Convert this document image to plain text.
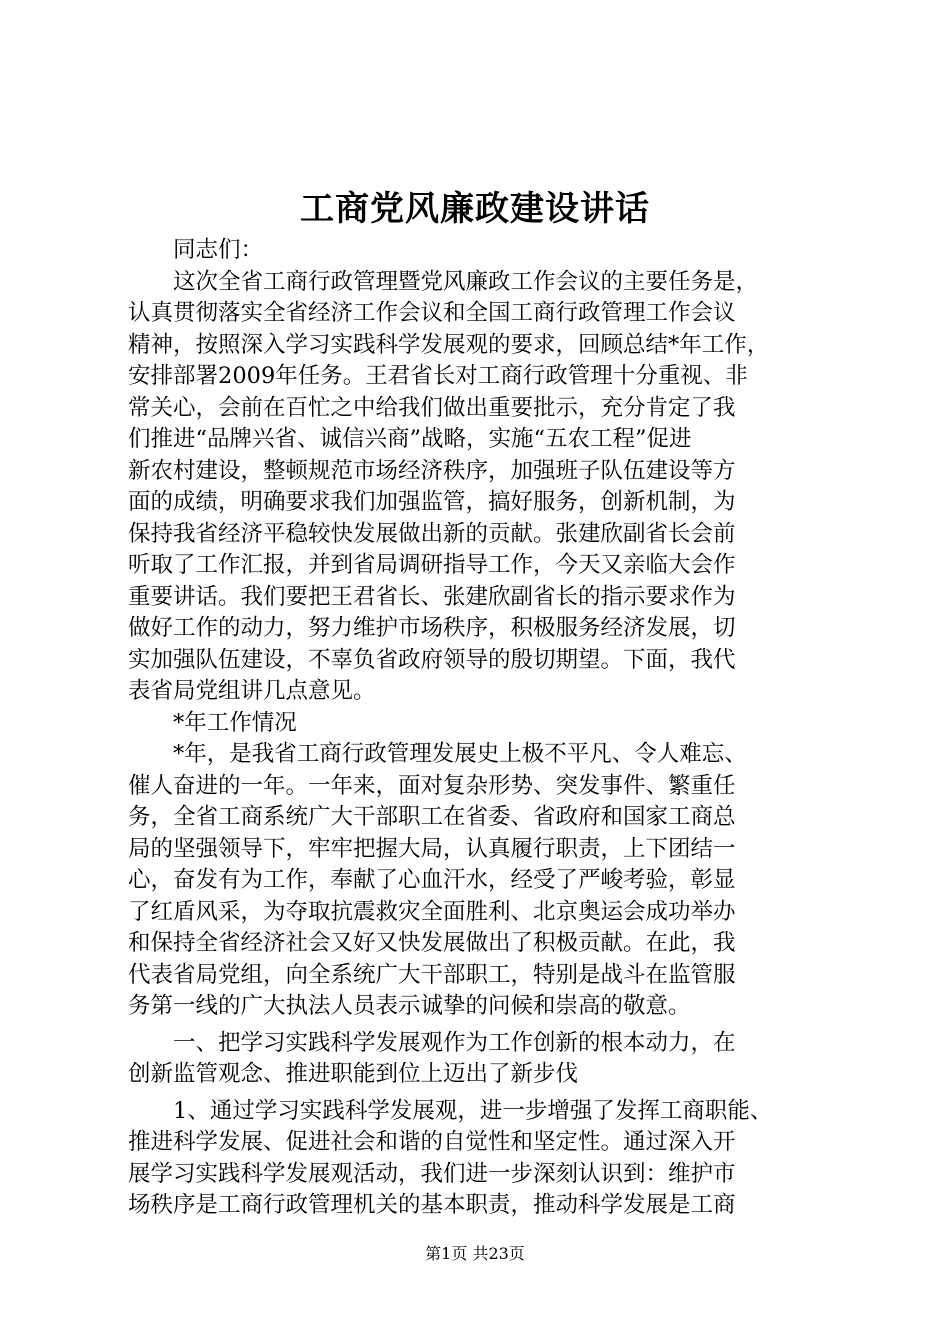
工商党风廉政建设讲话
　　同志们：
　　这次全省工商行政管理暨党风廉政工作会议的主要任务是，
认真贯彻落实全省经济工作会议和全国工商行政管理工作会议
精神，按照深入学习实践科学发展观的要求，回顾总结*年工作，
安排部署2009年任务。王君省长对工商行政管理十分重视、非
常关心，会前在百忙之中给我们做出重要批示，充分肯定了我
们推进“品牌兴省、诚信兴商”战略，实施“五农工程”促进
新农村建设，整顿规范市场经济秩序，加强班子队伍建设等方
面的成绩，明确要求我们加强监管，搞好服务，创新机制，为
保持我省经济平稳较快发展做出新的贡献。张建欣副省长会前
听取了工作汇报，并到省局调研指导工作，今天又亲临大会作
重要讲话。我们要把王君省长、张建欣副省长的指示要求作为
做好工作的动力，努力维护市场秩序，积极服务经济发展，切
实加强队伍建设，不辜负省政府领导的殷切期望。下面，我代
表省局党组讲几点意见。
　　*年工作情况
　　*年，是我省工商行政管理发展史上极不平凡、令人难忘、
催人奋进的一年。一年来，面对复杂形势、突发事件、繁重任
务，全省工商系统广大干部职工在省委、省政府和国家工商总
局的坚强领导下，牢牢把握大局，认真履行职责，上下团结一
心，奋发有为工作，奉献了心血汗水，经受了严峻考验，彰显
了红盾风采，为夺取抗震救灾全面胜利、北京奥运会成功举办
和保持全省经济社会又好又快发展做出了积极贡献。在此，我
代表省局党组，向全系统广大干部职工，特别是战斗在监管服
务第一线的广大执法人员表示诚挚的问候和崇高的敬意。
　　一、把学习实践科学发展观作为工作创新的根本动力，在
创新监管观念、推进职能到位上迈出了新步伐
　　1、通过学习实践科学发展观，进一步增强了发挥工商职能、
推进科学发展、促进社会和谐的自觉性和坚定性。通过深入开
展学习实践科学发展观活动，我们进一步深刻认识到：维护市
场秩序是工商行政管理机关的基本职责，推动科学发展是工商
第1页 共23页
